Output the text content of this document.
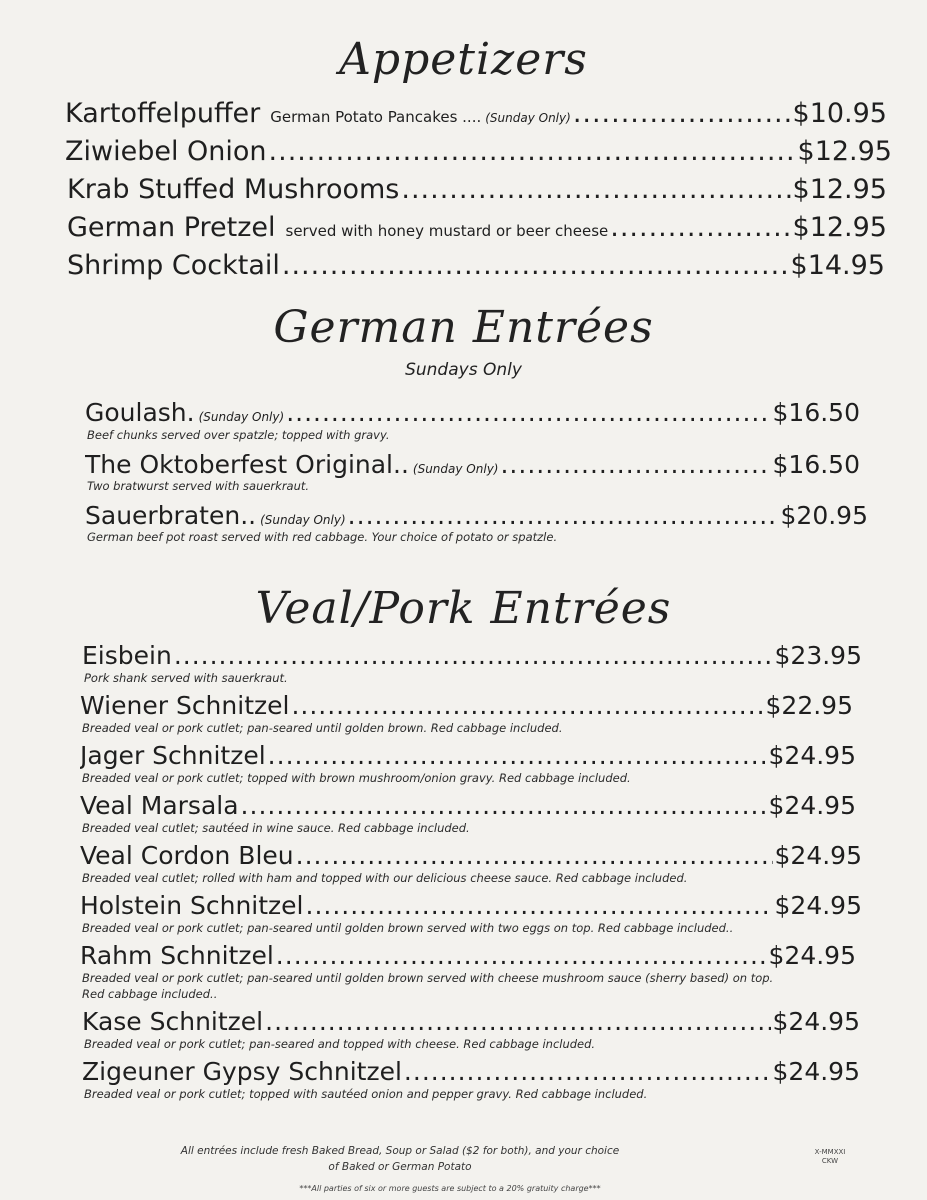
Appetizers
Kartoffelpuffer German Potato Pancakes .... (Sunday Only) .....	$10.95
Ziwiebel Onion .....	$12.95
Krab Stuffed Mushrooms .....	$12.95
German Pretzel served with honey mustard or beer cheese .....	$12.95
Shrimp Cocktail .....	$14.95
German Entrées
Sundays Only
Goulash. (Sunday Only) .....	$16.50
Beef chunks served over spatzle; topped with gravy.
The Oktoberfest Original.. (Sunday Only) .....	$16.50
Two bratwurst served with sauerkraut.
Sauerbraten.. (Sunday Only) .....	$20.95
German beef pot roast served with red cabbage. Your choice of potato or spatzle.
Veal/Pork Entrées
Eisbein .....	$23.95
Pork shank served with sauerkraut.
Wiener Schnitzel .....	$22.95
Breaded veal or pork cutlet; pan-seared until golden brown. Red cabbage included.
Jager Schnitzel .....	$24.95
Breaded veal or pork cutlet; topped with brown mushroom/onion gravy. Red cabbage included.
Veal Marsala .....	$24.95
Breaded veal cutlet; sautéed in wine sauce. Red cabbage included.
Veal Cordon Bleu .....	$24.95
Breaded veal cutlet; rolled with ham and topped with our delicious cheese sauce. Red cabbage included.
Holstein Schnitzel .....	$24.95
Breaded veal or pork cutlet; pan-seared until golden brown served with two eggs on top. Red cabbage included..
Rahm Schnitzel .....	$24.95
Breaded veal or pork cutlet; pan-seared until golden brown served with cheese mushroom sauce (sherry based) on top.
Red cabbage included..
Kase Schnitzel .....	$24.95
Breaded veal or pork cutlet; pan-seared and topped with cheese. Red cabbage included.
Zigeuner Gypsy Schnitzel .....	$24.95
Breaded veal or pork cutlet; topped with sautéed onion and pepper gravy. Red cabbage included.
All entrées include fresh Baked Bread, Soup or Salad ($2 for both), and your choice
of Baked or German Potato
X-MMXXI
CKW
***All parties of six or more guests are subject to a 20% gratuity charge***
